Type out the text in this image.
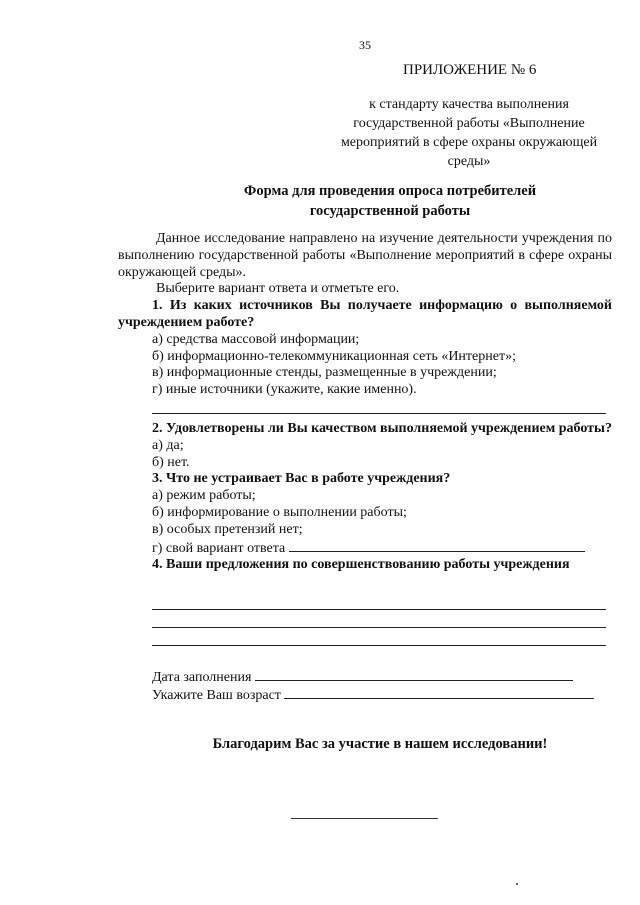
35
ПРИЛОЖЕНИЕ № 6
к стандарту качества выполнения государственной работы «Выполнение мероприятий в сфере охраны окружающей среды»
Форма для проведения опроса потребителей
государственной работы

Данное исследование направлено на изучение деятельности учреждения по выполнению государственной работы «Выполнение мероприятий в сфере охраны окружающей среды».

Выберите вариант ответа и отметьте его.

1. Из каких источников Вы получаете информацию о выполняемой учреждением работе?

а) средства массовой информации;

б) информационно-телекоммуникационная сеть «Интернет»;

в) информационные стенды, размещенные в учреждении;

г) иные источники (укажите, какие именно).

2. Удовлетворены ли Вы качеством выполняемой учреждением работы?

а) да;

б) нет.

3. Что не устраивает Вас в работе учреждения?

а) режим работы;

б) информирование о выполнении работы;

в) особых претензий нет;

г) свой вариант ответа

4. Ваши предложения по совершенствованию работы учреждения

Дата заполнения
Укажите Ваш возраст
Благодарим Вас за участие в нашем исследовании!
